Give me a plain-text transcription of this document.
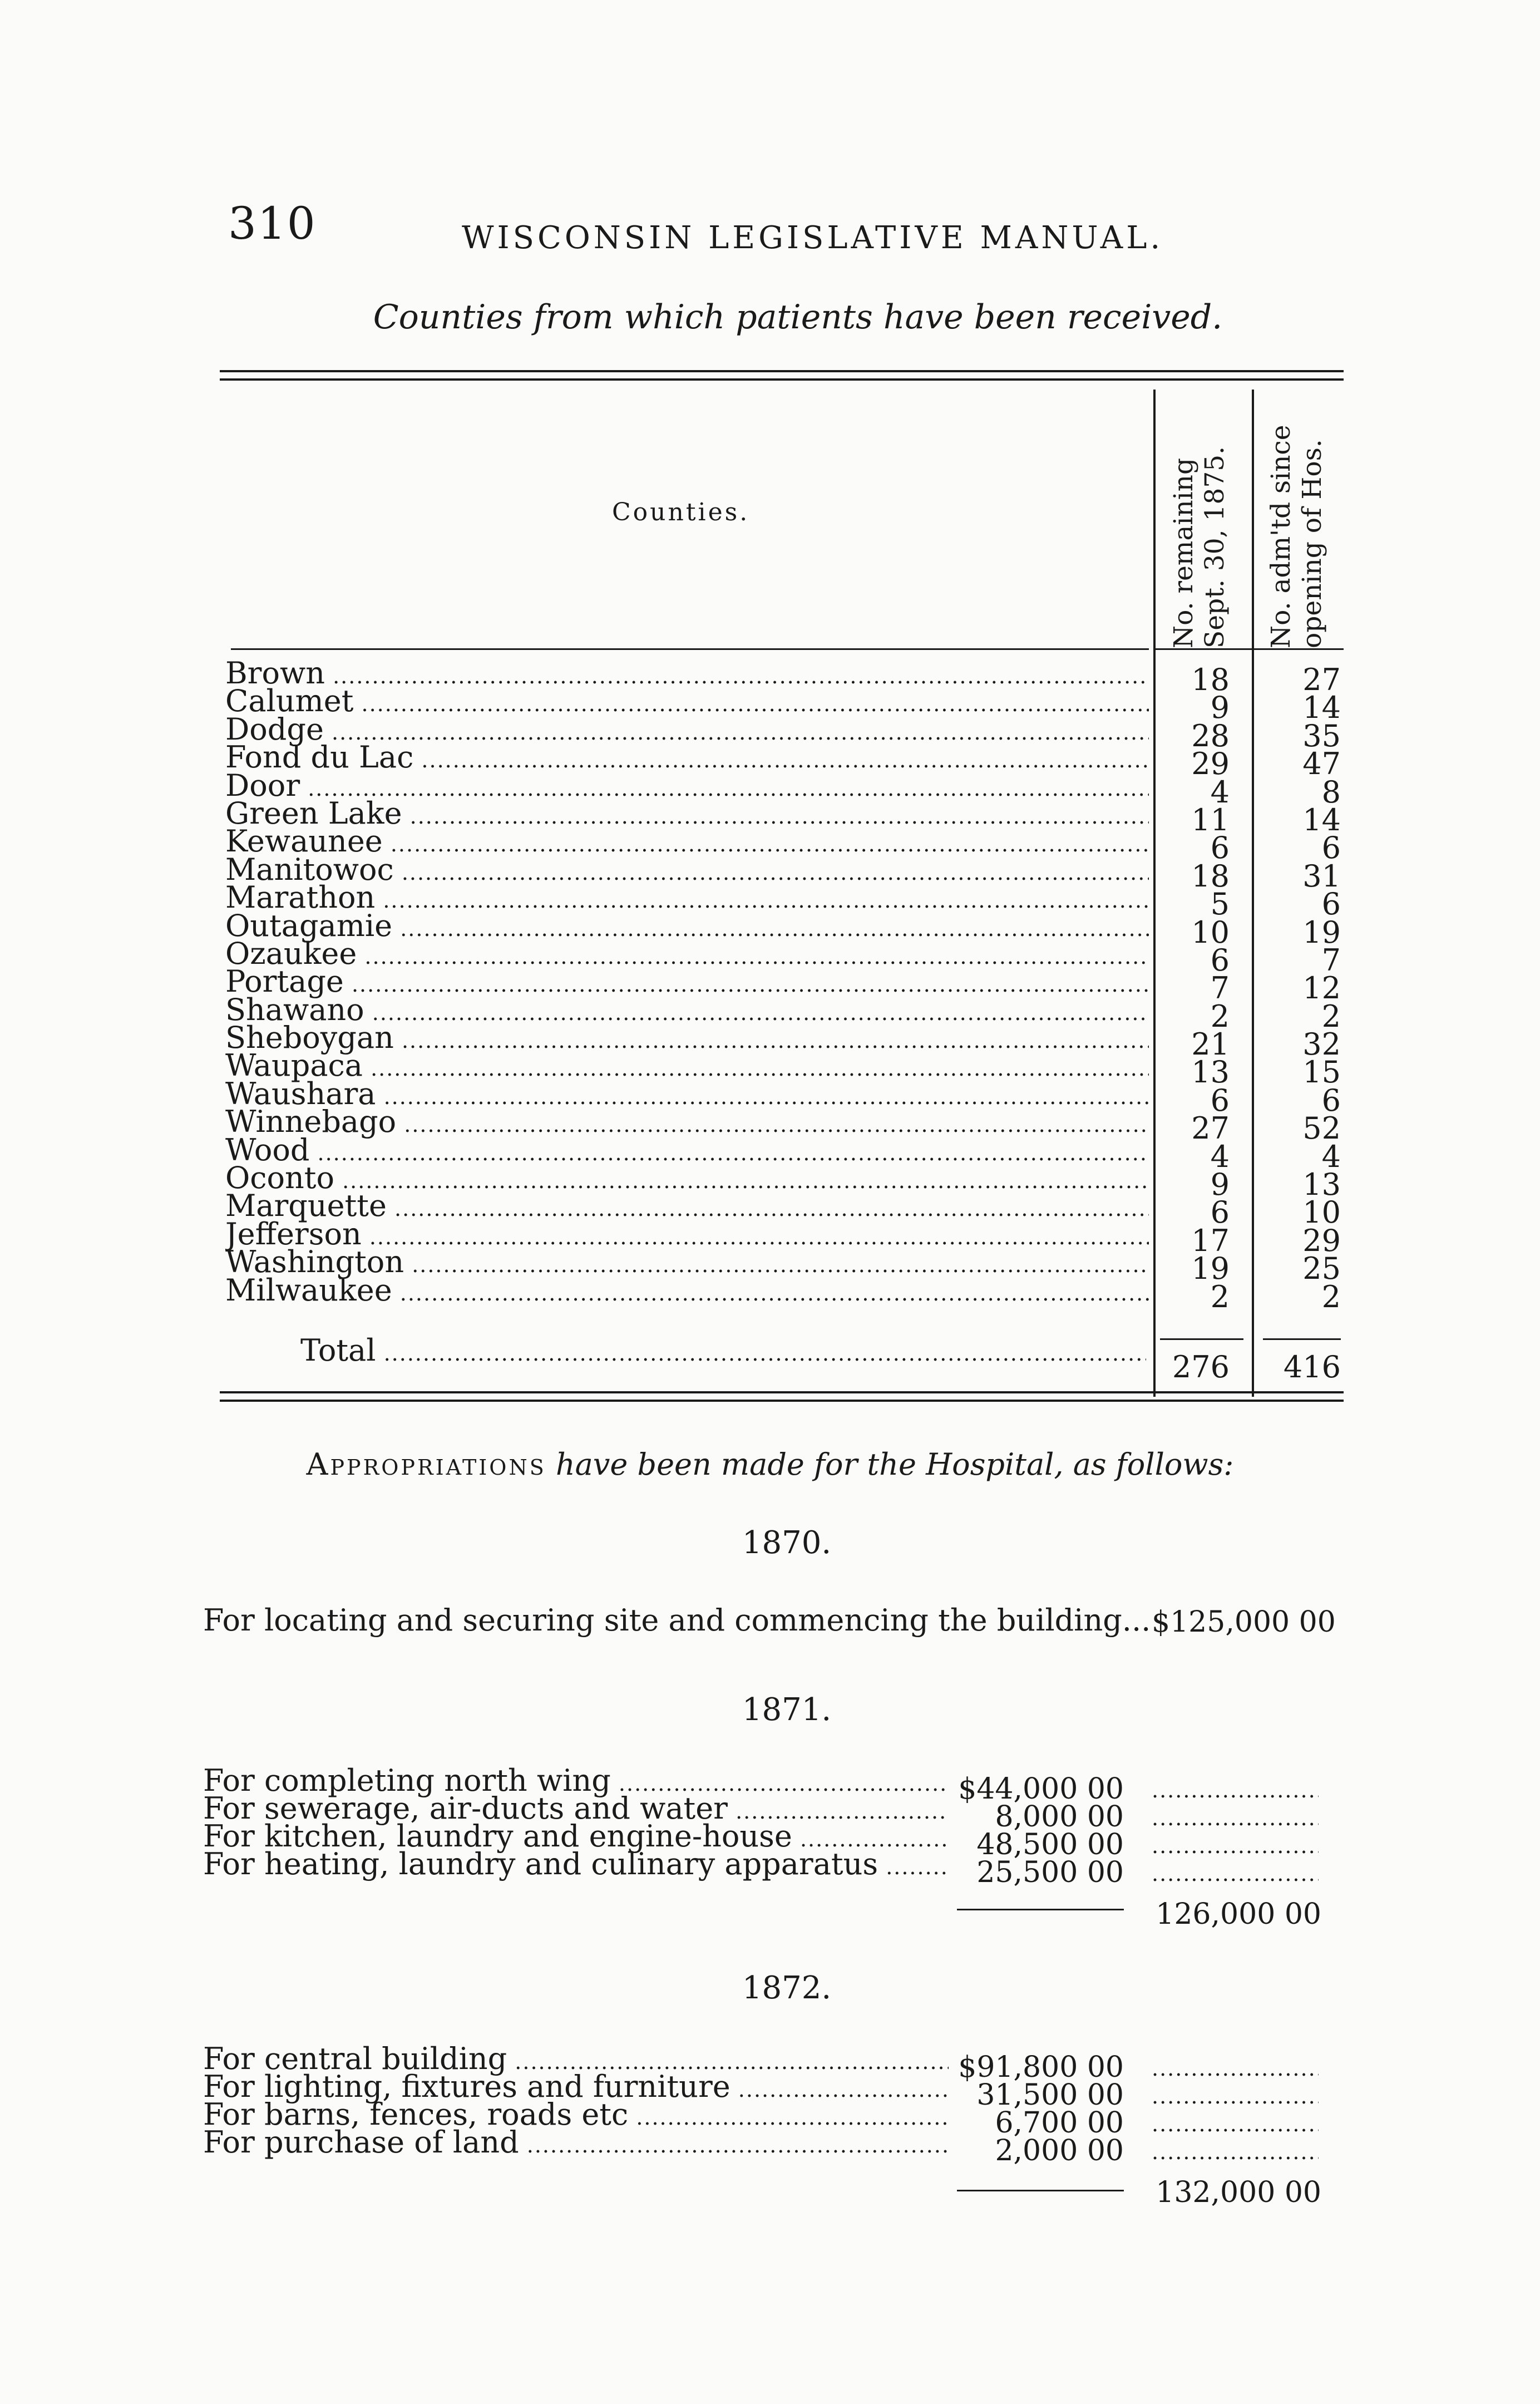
310	WISCONSIN LEGISLATIVE MANUAL.
Counties from which patients have been received.
Counties.	No. remaining Sept. 30, 1875. No. adm'td since opening of Hos.
Brown .....	18	27
Calumet .....	9	14
Dodge .....	28	35
Fond du Lac .....	29	47
Door .....	4	8
Green Lake .....	11	14
Kewaunee .....	6	6
Manitowoc .....	18	31
Marathon .....	5	6
Outagamie .....	10	19
Ozaukee .....	6	7
Portage .....	7	12
Shawano .....	2	2
Sheboygan .....	21	32
Waupaca .....	13	15
Waushara .....	6	6
Winnebago .....	27	52
Wood .....	4	4
Oconto .....	9	13
Marquette .....	6	10
Jefferson .....	17	29
Washington .....	19	25
Milwaukee .....	2	2
Total .....	276	416
Appropriations have been made for the Hospital, as follows:
1870.
For locating and securing site and commencing the building... $125,000 00
1871.
For completing north wing .....	$44,000 00
.....
For sewerage, air-ducts and water .....	8,000 00
.....
For kitchen, laundry and engine-house .....	48,500 00
.....
For heating, laundry and culinary apparatus .....	25,500 00
.....
126,000 00
1872.
For central building .....	$91,800 00
.....
For lighting, fixtures and furniture .....	31,500 00
.....
For barns, fences, roads etc .....	6,700 00
.....
For purchase of land .....	2,000 00
.....
132,000 00
